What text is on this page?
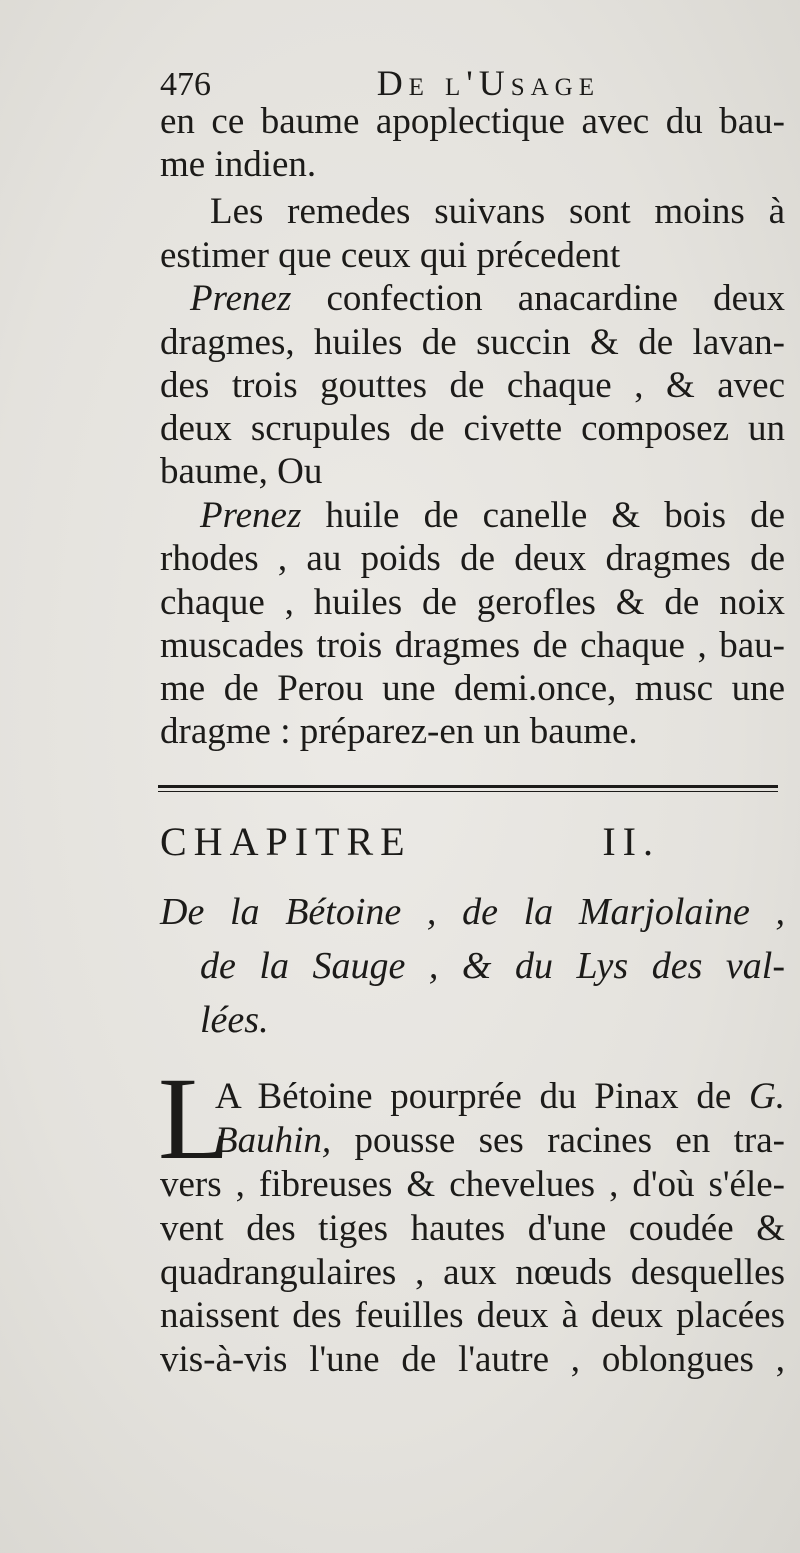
476	De l'Usage
en ce baume apoplectique avec du bau-
me indien.
Les remedes suivans sont moins à
estimer que ceux qui précedent
Prenez confection anacardine deux
dragmes, huiles de succin & de lavan-
des trois gouttes de chaque , & avec
deux scrupules de civette composez un
baume, Ou
Prenez huile de canelle & bois de
rhodes , au poids de deux dragmes de
chaque , huiles de gerofles & de noix
muscades trois dragmes de chaque , bau-
me de Perou une demi.once, musc une
dragme : préparez-en un baume.
CHAPITRE	II.
De la Bétoine , de la Marjolaine ,
de la Sauge , & du Lys des val-
lées.
L
A Bétoine pourprée du Pinax de G.
Bauhin, pousse ses racines en tra-
vers , fibreuses & chevelues , d'où s'éle-
vent des tiges hautes d'une coudée &
quadrangulaires , aux nœuds desquelles
naissent des feuilles deux à deux placées
vis-à-vis l'une de l'autre , oblongues ,
